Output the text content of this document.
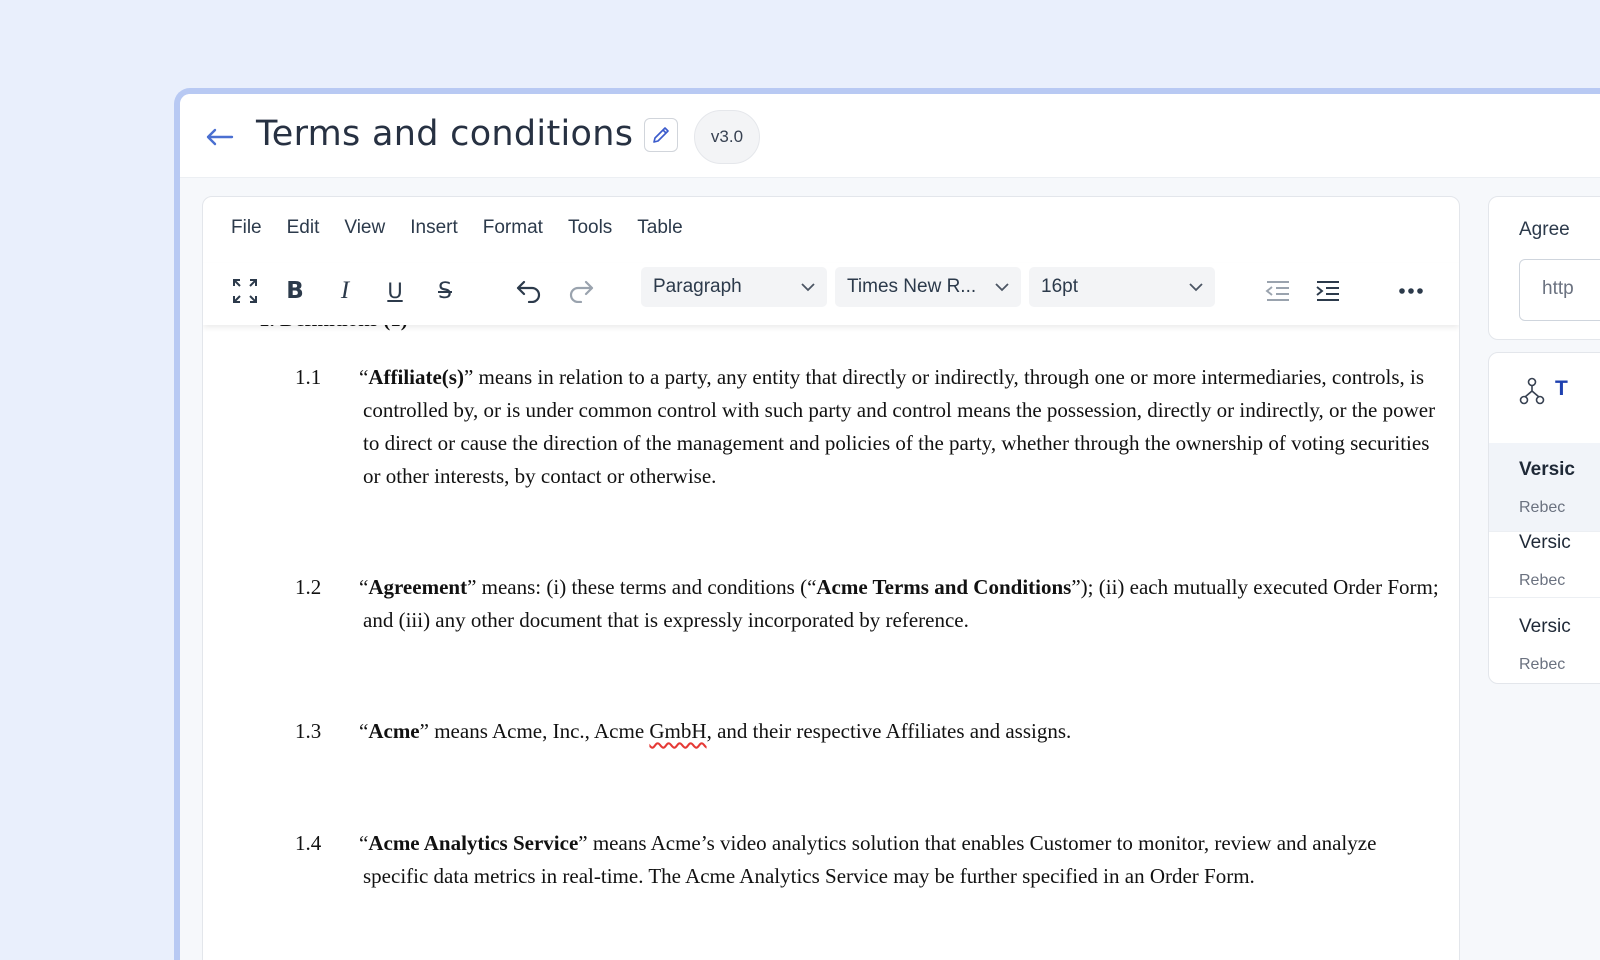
Terms and conditions	v3.0
File Edit View Insert Format Tools Table
B I U S	Paragraph	Times New R...	16pt
1.1 “Affiliate(s)” means in relation to a party, any entity that directly or indirectly, through one or more intermediaries, controls, is controlled by, or is under common control with such party and control means the possession, directly or indirectly, or the power to direct or cause the direction of the management and policies of the party, whether through the ownership of voting securities or other interests, by contact or otherwise.
1.2 “Agreement” means: (i) these terms and conditions (“Acme Terms and Conditions”); (ii) each mutually executed Order Form; and (iii) any other document that is expressly incorporated by reference.
1.3 “Acme” means Acme, Inc., Acme GmbH, and their respective Affiliates and assigns.
1.4 “Acme Analytics Service” means Acme’s video analytics solution that enables Customer to monitor, review and analyze specific data metrics in real-time. The Acme Analytics Service may be further specified in an Order Form.
Agree
http
T
Versic
Rebec
Versic
Rebec
Versic
Rebec
